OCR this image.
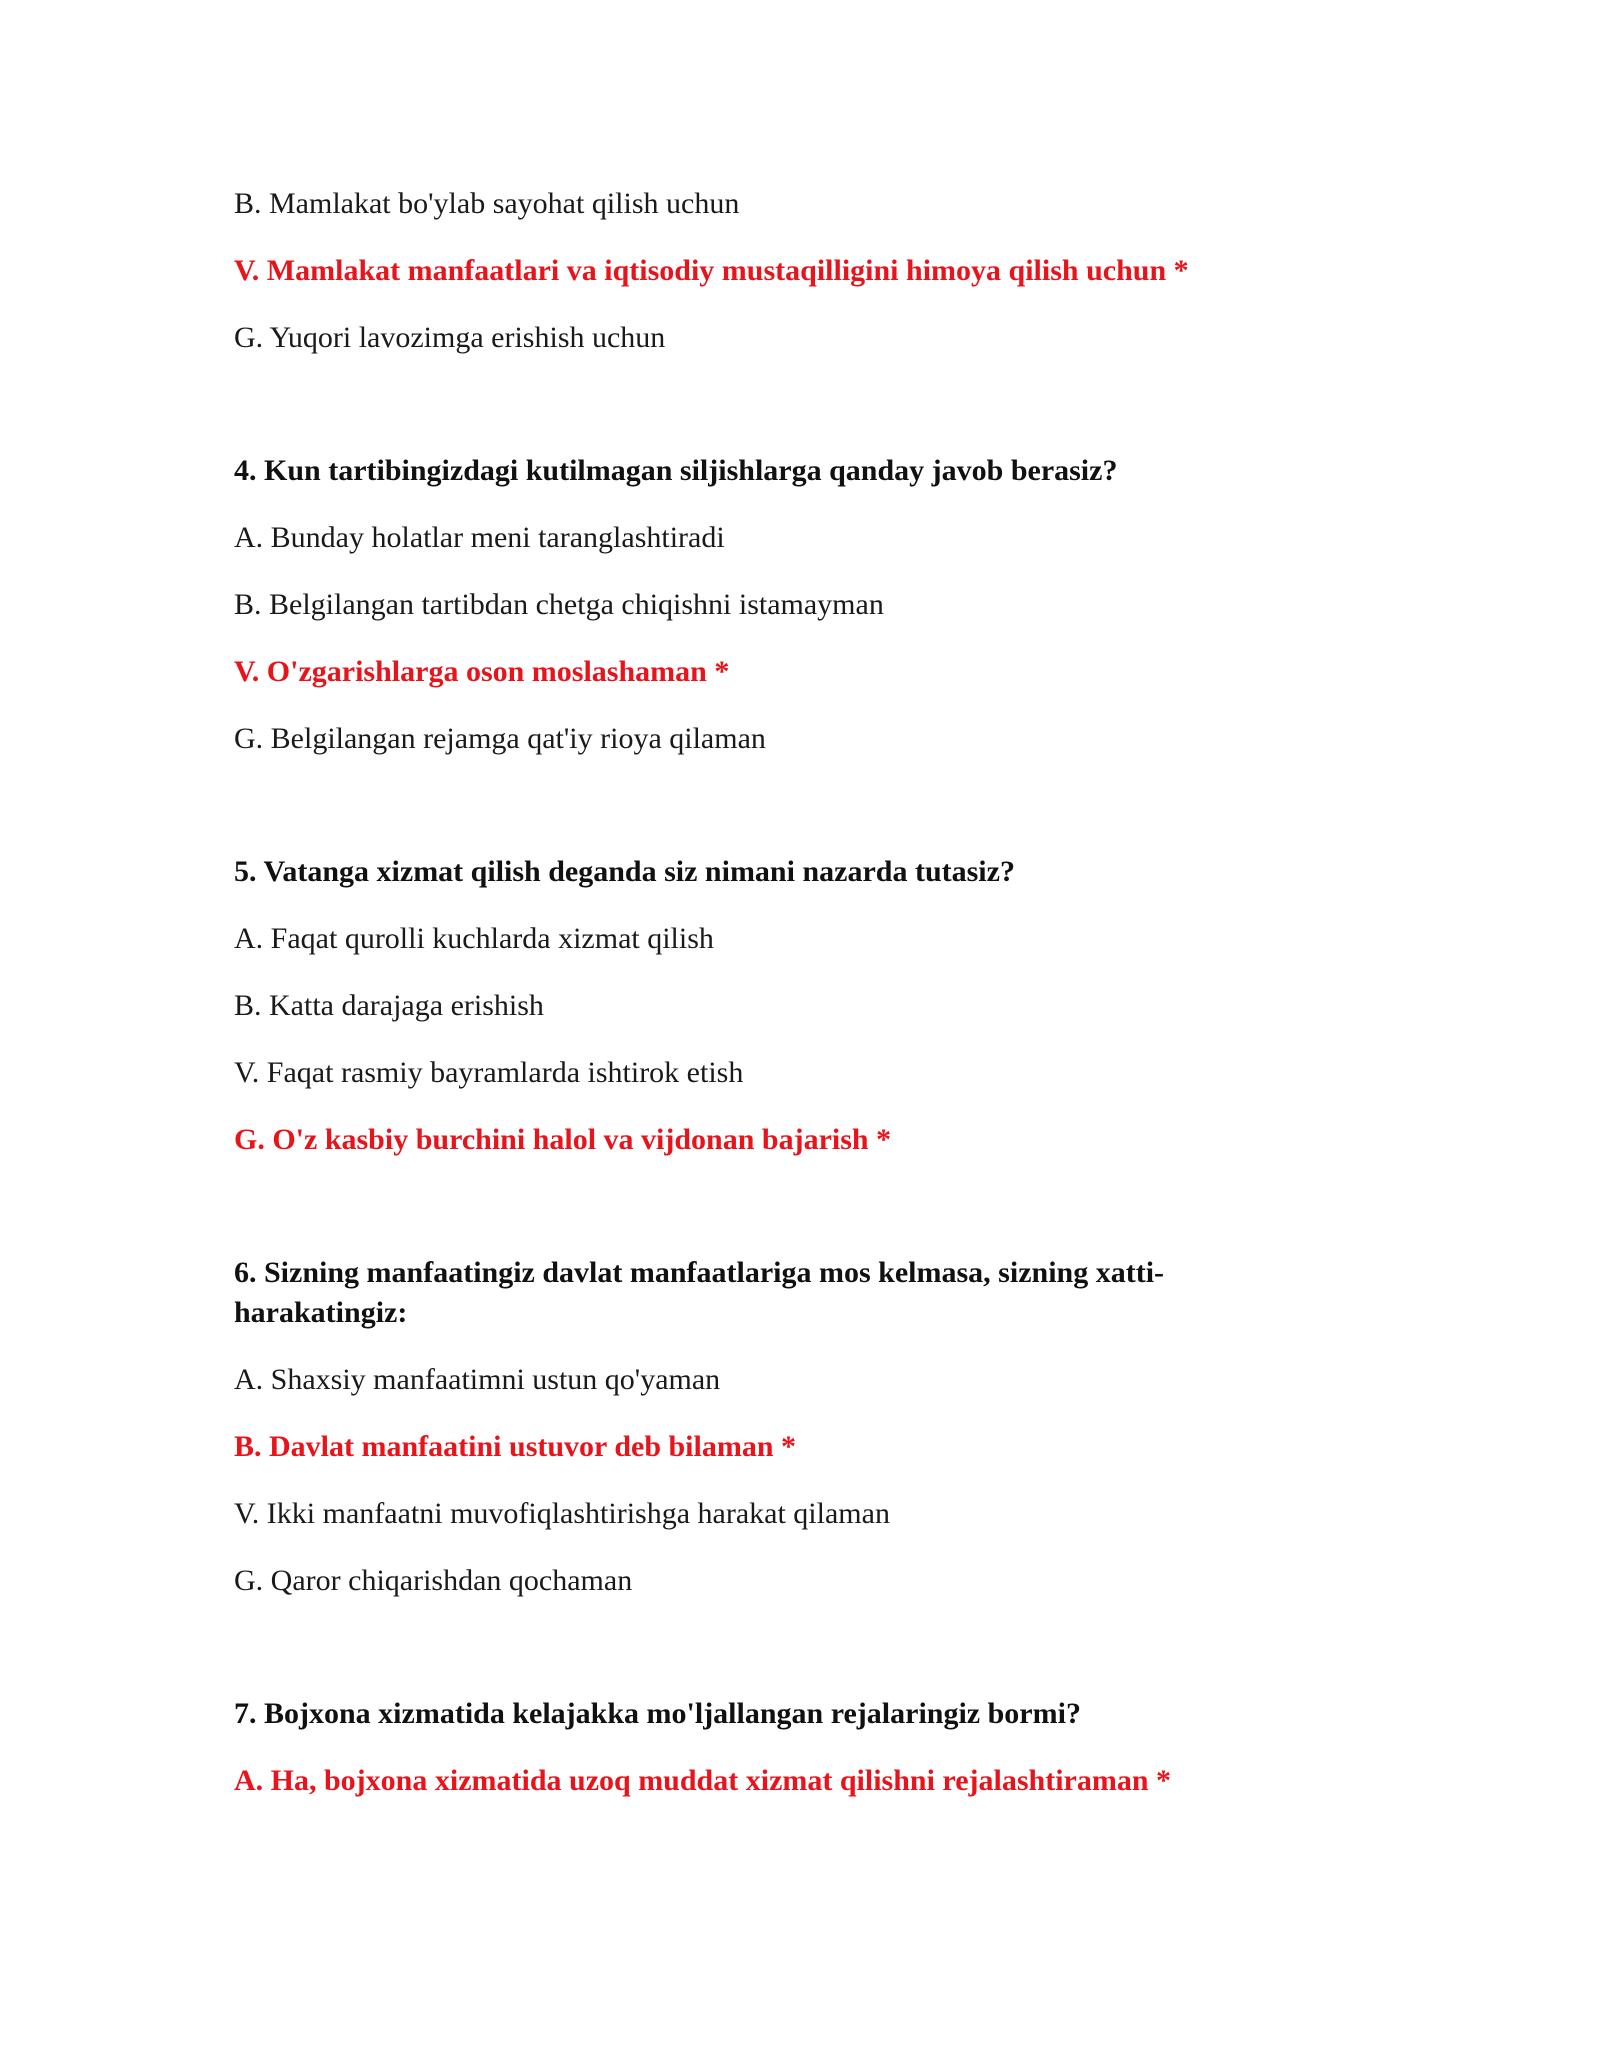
B. Mamlakat bo'ylab sayohat qilish uchun
V. Mamlakat manfaatlari va iqtisodiy mustaqilligini himoya qilish uchun *
G. Yuqori lavozimga erishish uchun
4. Kun tartibingizdagi kutilmagan siljishlarga qanday javob berasiz?
A. Bunday holatlar meni taranglashtiradi
B. Belgilangan tartibdan chetga chiqishni istamayman
V. O'zgarishlarga oson moslashaman *
G. Belgilangan rejamga qat'iy rioya qilaman
5. Vatanga xizmat qilish deganda siz nimani nazarda tutasiz?
A. Faqat qurolli kuchlarda xizmat qilish
B. Katta darajaga erishish
V. Faqat rasmiy bayramlarda ishtirok etish
G. O'z kasbiy burchini halol va vijdonan bajarish *
6. Sizning manfaatingiz davlat manfaatlariga mos kelmasa, sizning xatti-
harakatingiz:
A. Shaxsiy manfaatimni ustun qo'yaman
B. Davlat manfaatini ustuvor deb bilaman *
V. Ikki manfaatni muvofiqlashtirishga harakat qilaman
G. Qaror chiqarishdan qochaman
7. Bojxona xizmatida kelajakka mo'ljallangan rejalaringiz bormi?
A. Ha, bojxona xizmatida uzoq muddat xizmat qilishni rejalashtiraman *
